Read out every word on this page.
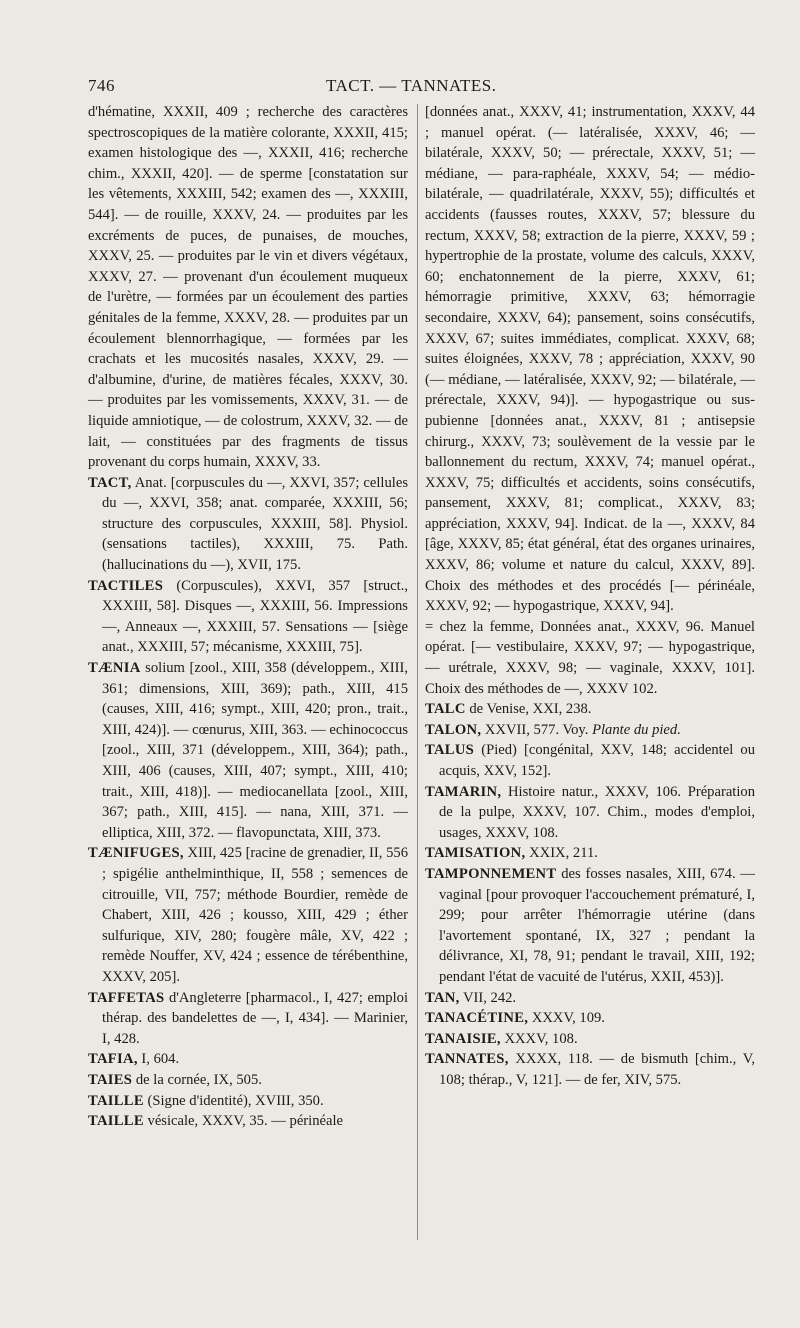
746	TACT. — TANNATES.
d'hématine, XXXII, 409 ; recherche des caractères spectroscopiques de la matière colorante, XXXII, 415; examen histologique des —, XXXII, 416; recherche chim., XXXII, 420]. — de sperme [constatation sur les vêtements, XXXIII, 542; examen des —, XXXIII, 544]. — de rouille, XXXV, 24. — produites par les excréments de puces, de punaises, de mouches, XXXV, 25. — produites par le vin et divers végétaux, XXXV, 27. — provenant d'un écoulement muqueux de l'urètre, — formées par un écoulement des parties génitales de la femme, XXXV, 28. — produites par un écoulement blennorrhagique, — formées par les crachats et les mucosités nasales, XXXV, 29. — d'albumine, d'urine, de matières fécales, XXXV, 30. — produites par les vomissements, XXXV, 31. — de liquide amniotique, — de colostrum, XXXV, 32. — de lait, — constituées par des fragments de tissus provenant du corps humain, XXXV, 33.
TACT, Anat. [corpuscules du —, XXVI, 357; cellules du —, XXVI, 358; anat. comparée, XXXIII, 56; structure des corpuscules, XXXIII, 58]. Physiol. (sensations tactiles), XXXIII, 75. Path. (hallucinations du —), XVII, 175.
TACTILES (Corpuscules), XXVI, 357 [struct., XXXIII, 58]. Disques —, XXXIII, 56. Impressions —, Anneaux —, XXXIII, 57. Sensations — [siège anat., XXXIII, 57; mécanisme, XXXIII, 75].
TÆNIA solium [zool., XIII, 358 (développem., XIII, 361; dimensions, XIII, 369); path., XIII, 415 (causes, XIII, 416; sympt., XIII, 420; pron., trait., XIII, 424)]. — cœnurus, XIII, 363. — echinococcus [zool., XIII, 371 (développem., XIII, 364); path., XIII, 406 (causes, XIII, 407; sympt., XIII, 410; trait., XIII, 418)]. — mediocanellata [zool., XIII, 367; path., XIII, 415]. — nana, XIII, 371. — elliptica, XIII, 372. — flavopunctata, XIII, 373.
TÆNIFUGES, XIII, 425 [racine de grenadier, II, 556 ; spigélie anthelminthique, II, 558 ; semences de citrouille, VII, 757; méthode Bourdier, remède de Chabert, XIII, 426 ; kousso, XIII, 429 ; éther sulfurique, XIV, 280; fougère mâle, XV, 422 ; remède Nouffer, XV, 424 ; essence de térébenthine, XXXV, 205].
TAFFETAS d'Angleterre [pharmacol., I, 427; emploi thérap. des bandelettes de —, I, 434]. — Marinier, I, 428.
TAFIA, I, 604.
TAIES de la cornée, IX, 505.
TAILLE (Signe d'identité), XVIII, 350.
TAILLE vésicale, XXXV, 35. — périnéale
[données anat., XXXV, 41; instrumentation, XXXV, 44 ; manuel opérat. (— latéralisée, XXXV, 46; — bilatérale, XXXV, 50; — prérectale, XXXV, 51; — médiane, — para-raphéale, XXXV, 54; — médio-bilatérale, — quadrilatérale, XXXV, 55); difficultés et accidents (fausses routes, XXXV, 57; blessure du rectum, XXXV, 58; extraction de la pierre, XXXV, 59 ; hypertrophie de la prostate, volume des calculs, XXXV, 60; enchatonnement de la pierre, XXXV, 61; hémorragie primitive, XXXV, 63; hémorragie secondaire, XXXV, 64); pansement, soins consécutifs, XXXV, 67; suites immédiates, complicat. XXXV, 68; suites éloignées, XXXV, 78 ; appréciation, XXXV, 90 (— médiane, — latéralisée, XXXV, 92; — bilatérale, — prérectale, XXXV, 94)]. — hypogastrique ou sus-pubienne [données anat., XXXV, 81 ; antisepsie chirurg., XXXV, 73; soulèvement de la vessie par le ballonnement du rectum, XXXV, 74; manuel opérat., XXXV, 75; difficultés et accidents, soins consécutifs, pansement, XXXV, 81; complicat., XXXV, 83; appréciation, XXXV, 94]. Indicat. de la —, XXXV, 84 [âge, XXXV, 85; état général, état des organes urinaires, XXXV, 86; volume et nature du calcul, XXXV, 89]. Choix des méthodes et des procédés [— périnéale, XXXV, 92; — hypogastrique, XXXV, 94].
= chez la femme, Données anat., XXXV, 96. Manuel opérat. [— vestibulaire, XXXV, 97; — hypogastrique, — urétrale, XXXV, 98; — vaginale, XXXV, 101]. Choix des méthodes de —, XXXV 102.
TALC de Venise, XXI, 238.
TALON, XXVII, 577. Voy. Plante du pied.
TALUS (Pied) [congénital, XXV, 148; accidentel ou acquis, XXV, 152].
TAMARIN, Histoire natur., XXXV, 106. Préparation de la pulpe, XXXV, 107. Chim., modes d'emploi, usages, XXXV, 108.
TAMISATION, XXIX, 211.
TAMPONNEMENT des fosses nasales, XIII, 674. — vaginal [pour provoquer l'accouchement prématuré, I, 299; pour arrêter l'hémorragie utérine (dans l'avortement spontané, IX, 327 ; pendant la délivrance, XI, 78, 91; pendant le travail, XIII, 192; pendant l'état de vacuité de l'utérus, XXII, 453)].
TAN, VII, 242.
TANACÉTINE, XXXV, 109.
TANAISIE, XXXV, 108.
TANNATES, XXXX, 118. — de bismuth [chim., V, 108; thérap., V, 121]. — de fer, XIV, 575.
